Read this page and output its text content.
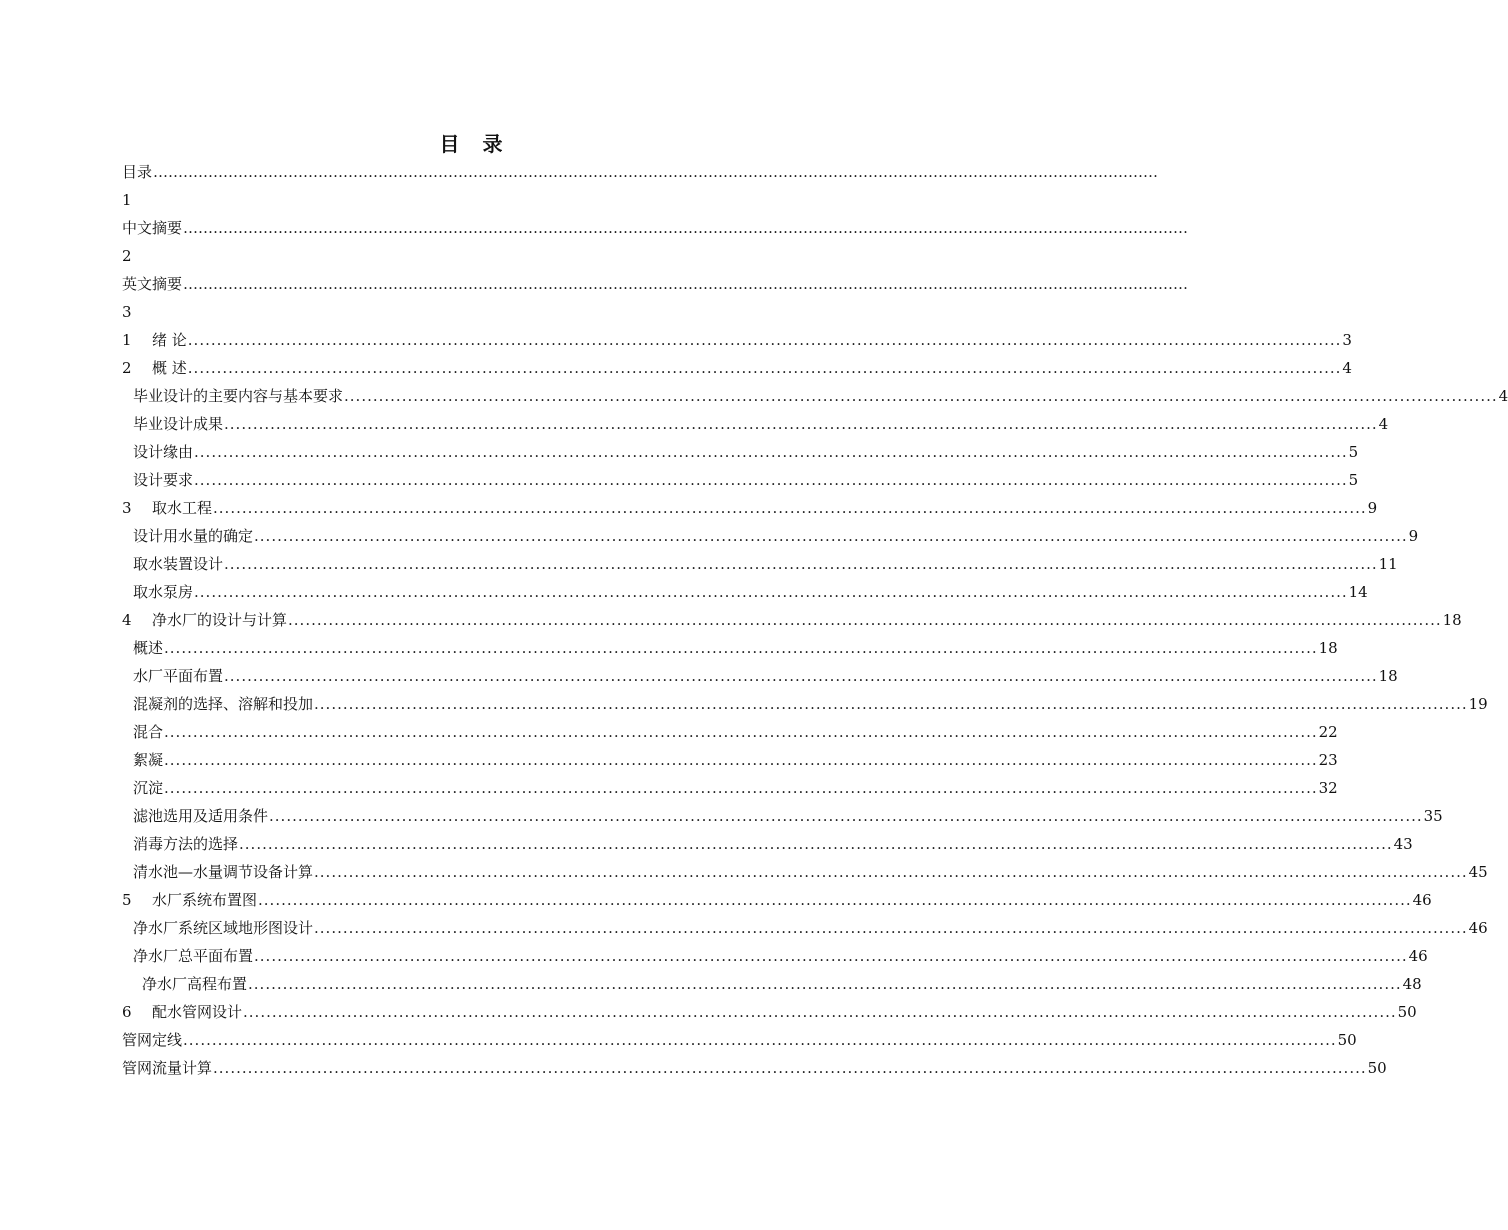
目 录
目录 …………………………………………………………………………………………………………………………………………………………………………………
1
中文摘要 …………………………………………………………………………………………………………………………………………………………………………………
2
英文摘要 …………………………………………………………………………………………………………………………………………………………………………………
3
1 绪 论 ........................................................................................................................................................................................................ 3
2 概 述 ........................................................................................................................................................................................................ 4
毕业设计的主要内容与基本要求 ........................................................................................................................................................................................................ 4
毕业设计成果 ........................................................................................................................................................................................................ 4
设计缘由 ........................................................................................................................................................................................................ 5
设计要求 ........................................................................................................................................................................................................ 5
3 取水工程 ........................................................................................................................................................................................................ 9
设计用水量的确定 ........................................................................................................................................................................................................ 9
取水装置设计 ........................................................................................................................................................................................................ 11
取水泵房 ........................................................................................................................................................................................................ 14
4 净水厂的设计与计算 ........................................................................................................................................................................................................ 18
概述 ........................................................................................................................................................................................................ 18
水厂平面布置 ........................................................................................................................................................................................................ 18
混凝剂的选择、溶解和投加 ........................................................................................................................................................................................................ 19
混合 ........................................................................................................................................................................................................ 22
絮凝 ........................................................................................................................................................................................................ 23
沉淀 ........................................................................................................................................................................................................ 32
滤池选用及适用条件 ........................................................................................................................................................................................................ 35
消毒方法的选择 ........................................................................................................................................................................................................ 43
清水池—水量调节设备计算 ........................................................................................................................................................................................................ 45
5 水厂系统布置图 ........................................................................................................................................................................................................ 46
净水厂系统区域地形图设计 ........................................................................................................................................................................................................ 46
净水厂总平面布置 ........................................................................................................................................................................................................ 46
净水厂高程布置 ........................................................................................................................................................................................................ 48
6 配水管网设计 ........................................................................................................................................................................................................ 50
管网定线 ........................................................................................................................................................................................................ 50
管网流量计算 ........................................................................................................................................................................................................ 50
